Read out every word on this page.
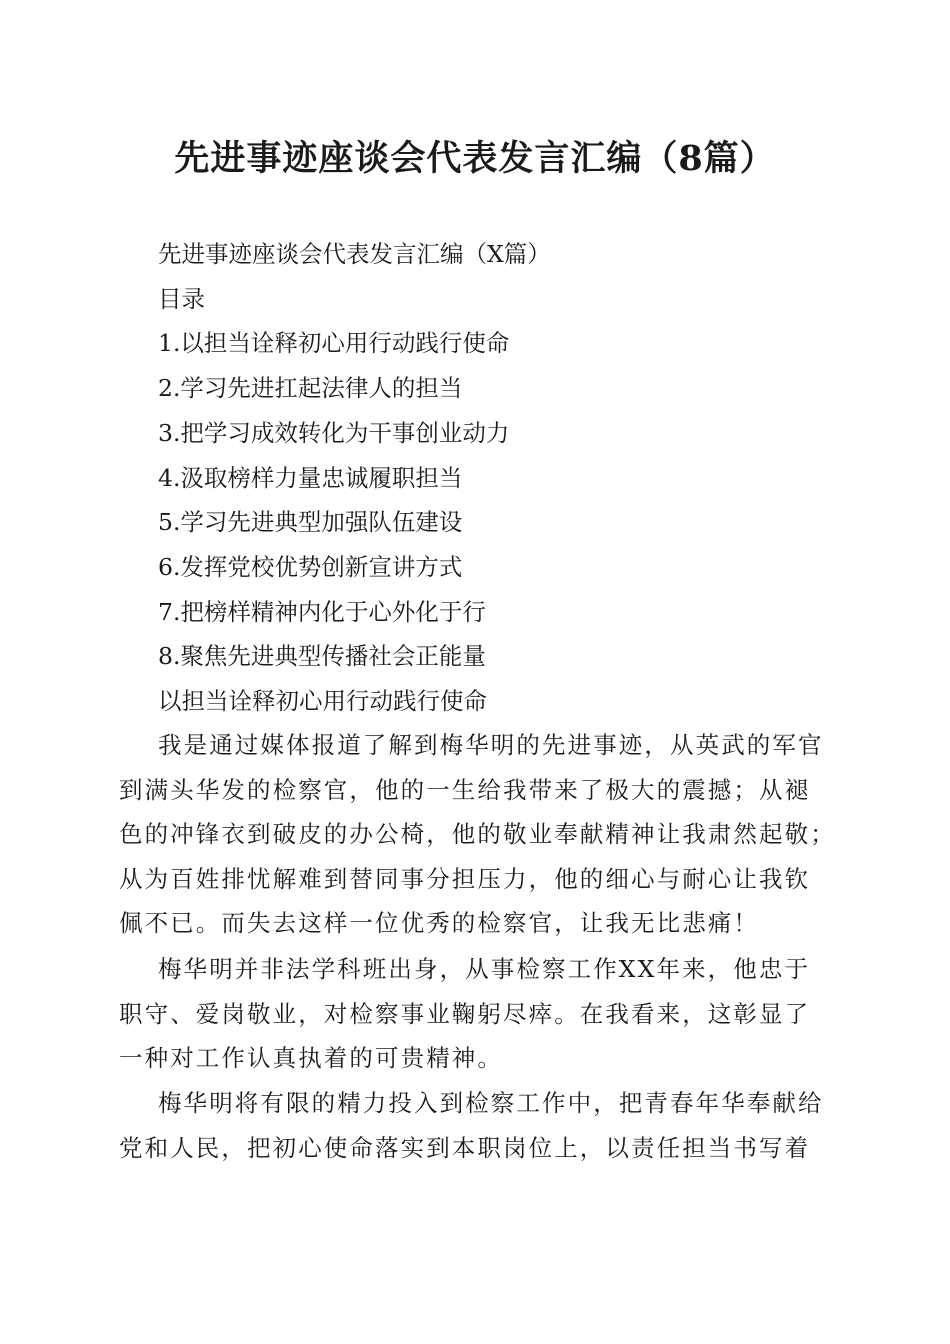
先进事迹座谈会代表发言汇编（8篇）
先进事迹座谈会代表发言汇编（X篇）
目录
1.以担当诠释初心用行动践行使命
2.学习先进扛起法律人的担当
3.把学习成效转化为干事创业动力
4.汲取榜样力量忠诚履职担当
5.学习先进典型加强队伍建设
6.发挥党校优势创新宣讲方式
7.把榜样精神内化于心外化于行
8.聚焦先进典型传播社会正能量
以担当诠释初心用行动践行使命
我是通过媒体报道了解到梅华明的先进事迹，从英武的军官
到满头华发的检察官，他的一生给我带来了极大的震撼；从褪
色的冲锋衣到破皮的办公椅，他的敬业奉献精神让我肃然起敬；
从为百姓排忧解难到替同事分担压力，他的细心与耐心让我钦
佩不已。而失去这样一位优秀的检察官，让我无比悲痛！
梅华明并非法学科班出身，从事检察工作XX年来，他忠于
职守、爱岗敬业，对检察事业鞠躬尽瘁。在我看来，这彰显了
一种对工作认真执着的可贵精神。
梅华明将有限的精力投入到检察工作中，把青春年华奉献给
党和人民，把初心使命落实到本职岗位上，以责任担当书写着
